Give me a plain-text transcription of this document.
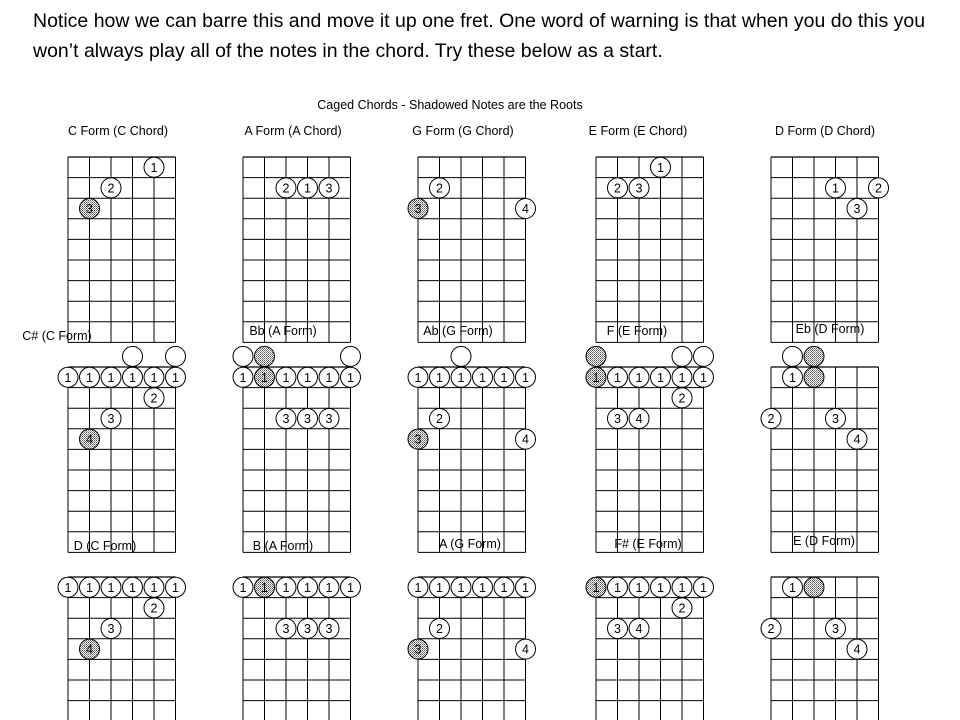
Notice how we can barre this and move it up one fret. One word of warning is that when you do this you won’t always play all of the notes in the chord. Try these below as a start.

Caged Chords - Shadowed Notes are the Roots
C Form (C Chord)
1
2
3
A Form (A Chord)
2 1 3
G Form (G Chord)
2
3	4
E Form (E Chord)
1
2 3
D Form (D Chord)
1	2
3
C# (C Form)
1 1 1 1 1 1
2
3
4
Bb (A Form)
1 1 1 1 1 1
3 3 3
Ab (G Form)
1 1 1 1 1 1
2
3	4
F (E Form)
1 1 1 1 1 1
2
3 4
Eb (D Form)
1
2	3
4
D (C Form)
1 1 1 1 1 1
2
3
4
B (A Form)
1 1 1 1 1 1
3 3 3
A (G Form)
1 1 1 1 1 1
2
3	4
F# (E Form)
1 1 1 1 1 1
2
3 4
E (D Form)
1
2	3
4
